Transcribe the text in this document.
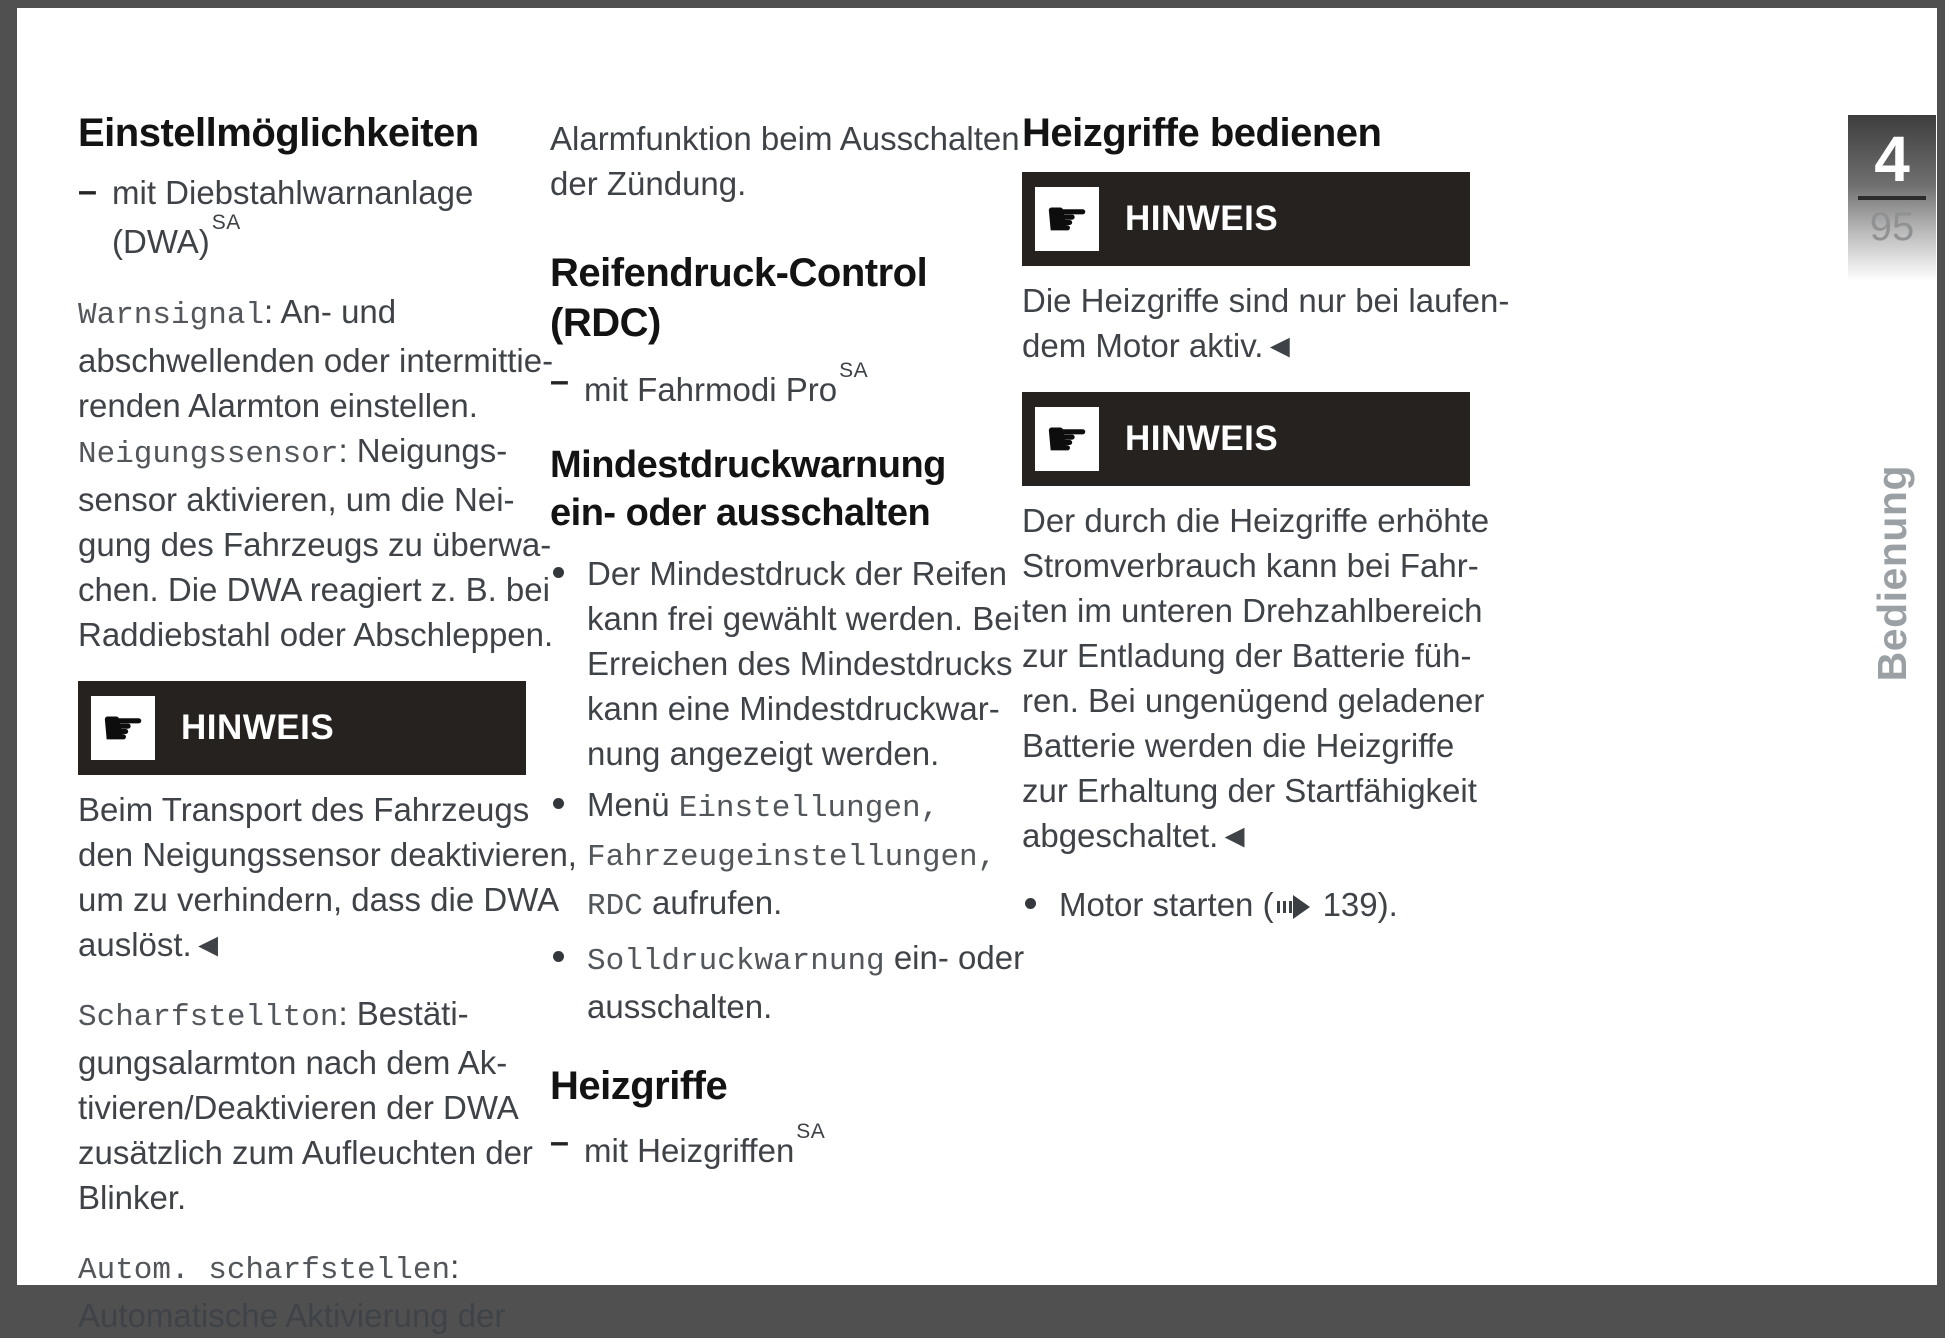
Einstellmöglichkeiten
– mit Diebstahlwarnanlage (DWA)$^{SA}$
Warnsignal: An- und
abschwellenden oder intermittie-
renden Alarmton einstellen.
Neigungssensor: Neigungs-
sensor aktivieren, um die Nei-
gung des Fahrzeugs zu überwa-
chen. Die DWA reagiert z. B. bei
Raddiebstahl oder Abschleppen.
☛ HINWEIS
Beim Transport des Fahrzeugs
den Neigungssensor deaktivieren,
um zu verhindern, dass die DWA
auslöst.◄
Scharfstellton: Bestäti-
gungsalarmton nach dem Ak-
tivieren/Deaktivieren der DWA
zusätzlich zum Aufleuchten der
Blinker.
Autom. scharfstellen:
Automatische Aktivierung der
Alarmfunktion beim Ausschalten
der Zündung.
Reifendruck-Control (RDC)
– mit Fahrmodi Pro$^{SA}$
Mindestdruckwarnung ein- oder ausschalten
Der Mindestdruck der Reifen
kann frei gewählt werden. Bei
Erreichen des Mindestdrucks
kann eine Mindestdruckwar-
nung angezeigt werden.
Menü Einstellungen,
Fahrzeugeinstellungen,
RDC aufrufen.
Solldruckwarnung ein- oder
ausschalten.
Heizgriffe
– mit Heizgriffen$^{SA}$
Heizgriffe bedienen
☛ HINWEIS
Die Heizgriffe sind nur bei laufen-
dem Motor aktiv.◄
☛ HINWEIS
Der durch die Heizgriffe erhöhte
Stromverbrauch kann bei Fahr-
ten im unteren Drehzahlbereich
zur Entladung der Batterie füh-
ren. Bei ungenügend geladener
Batterie werden die Heizgriffe
zur Erhaltung der Startfähigkeit
abgeschaltet.◄
Motor starten ( 139).
4
95
Bedienung
